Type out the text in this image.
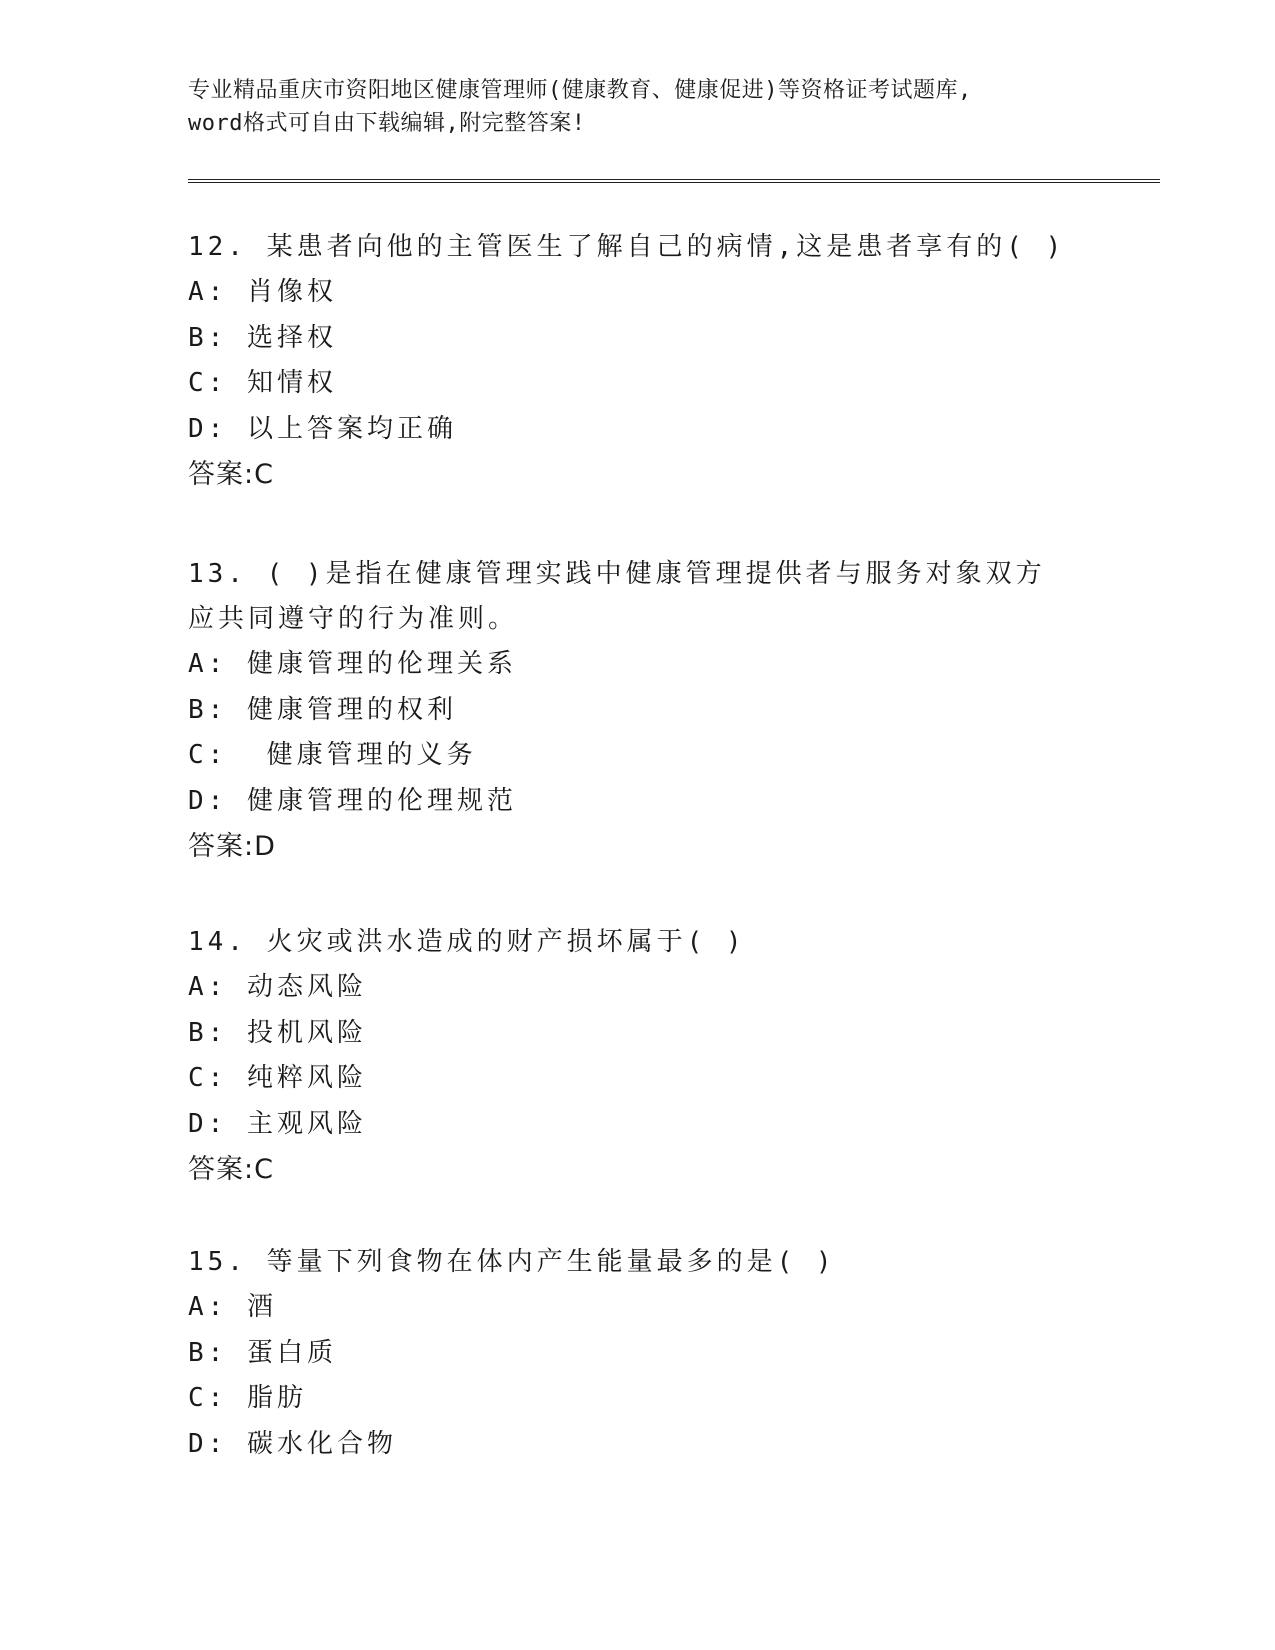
专业精品重庆市资阳地区健康管理师(健康教育、健康促进)等资格证考试题库,
word格式可自由下载编辑,附完整答案!

12. 某患者向他的主管医生了解自己的病情,这是患者享有的( )

A: 肖像权

B: 选择权

C: 知情权

D: 以上答案均正确

答案:C

13. ( )是指在健康管理实践中健康管理提供者与服务对象双方应共同遵守的行为准则。

A: 健康管理的伦理关系

B: 健康管理的权利

C:  健康管理的义务

D: 健康管理的伦理规范

答案:D

14. 火灾或洪水造成的财产损坏属于( )

A: 动态风险

B: 投机风险

C: 纯粹风险

D: 主观风险

答案:C

15. 等量下列食物在体内产生能量最多的是( )

A: 酒

B: 蛋白质

C: 脂肪

D: 碳水化合物
